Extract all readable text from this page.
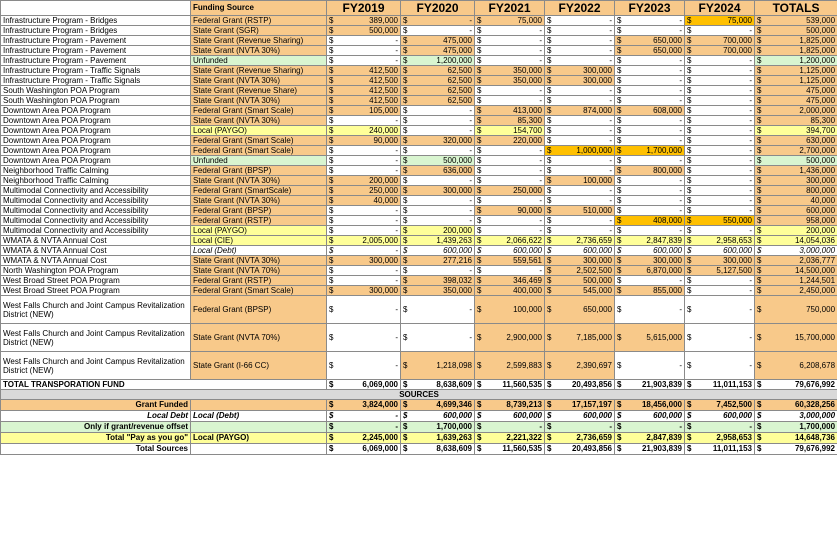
	Funding Source	FY2019		FY2020		FY2021		FY2022		FY2023		FY2024		TOTALS	
Infrastructure Program - Bridges	Federal Grant (RSTP)	$	389,000	$	-	$	75,000	$	-	$	-	$	75,000	$	539,000
Infrastructure Program - Bridges	State Grant (SGR)	$	500,000	$	-	$	-	$	-	$	-	$	-	$	500,000
Infrastructure Program - Pavement	State Grant (Revenue Sharing)	$	-	$	475,000	$	-	$	-	$	650,000	$	700,000	$	1,825,000
Infrastructure Program - Pavement	State Grant (NVTA 30%)	$	-	$	475,000	$	-	$	-	$	650,000	$	700,000	$	1,825,000
Infrastructure Program - Pavement	Unfunded	$	-	$	1,200,000	$	-	$	-	$	-	$	-	$	1,200,000
Infrastructure Program - Traffic Signals	State Grant (Revenue Sharing)	$	412,500	$	62,500	$	350,000	$	300,000	$	-	$	-	$	1,125,000
Infrastructure Program - Traffic Signals	State Grant (NVTA 30%)	$	412,500	$	62,500	$	350,000	$	300,000	$	-	$	-	$	1,125,000
South Washington POA Program	State Grant (Revenue Share)	$	412,500	$	62,500	$	-	$	-	$	-	$	-	$	475,000
South Washington POA Program	State Grant (NVTA 30%)	$	412,500	$	62,500	$	-	$	-	$	-	$	-	$	475,000
Downtown Area POA Program	Federal Grant (Smart Scale)	$	105,000	$	-	$	413,000	$	874,000	$	608,000	$	-	$	2,000,000
Downtown Area POA Program	State Grant (NVTA 30%)	$	-	$	-	$	85,300	$	-	$	-	$	-	$	85,300
Downtown Area POA Program	Local (PAYGO)	$	240,000	$	-	$	154,700	$	-	$	-	$	-	$	394,700
Downtown Area POA Program	Federal Grant (Smart Scale)	$	90,000	$	320,000	$	220,000	$	-	$	-	$	-	$	630,000
Downtown Area POA Program	Federal Grant (Smart Scale)	$	-	$	-	$	-	$	1,000,000	$	1,700,000	$	-	$	2,700,000
Downtown Area POA Program	Unfunded	$	-	$	500,000	$	-	$	-	$	-	$	-	$	500,000
Neighborhood Traffic Calming	Federal Grant (BPSP)	$	-	$	636,000	$	-	$	-	$	800,000	$	-	$	1,436,000
Neighborhood Traffic Calming	State Grant (NVTA 30%)	$	200,000	$	-	$	-	$	100,000	$	-	$	-	$	300,000
Multimodal Connectivity and Accessibility	Federal Grant (SmartScale)	$	250,000	$	300,000	$	250,000	$	-	$	-	$	-	$	800,000
Multimodal Connectivity and Accessibility	State Grant (NVTA 30%)	$	40,000	$	-	$	-	$	-	$	-	$	-	$	40,000
Multimodal Connectivity and Accessibility	Federal Grant (BPSP)	$	-	$	-	$	90,000	$	510,000	$	-	$	-	$	600,000
Multimodal Connectivity and Accessibility	Federal Grant (RSTP)	$	-	$	-	$	-	$	-	$	408,000	$	550,000	$	958,000
Multimodal Connectivity and Accessibility	Local (PAYGO)	$	-	$	200,000	$	-	$	-	$	-	$	-	$	200,000
WMATA & NVTA Annual Cost	Local (CIE)	$	2,005,000	$	1,439,263	$	2,066,622	$	2,736,659	$	2,847,839	$	2,958,653	$	14,054,036
WMATA & NVTA Annual Cost	Local (Debt)	$	-	$	600,000	$	600,000	$	600,000	$	600,000	$	600,000	$	3,000,000
WMATA & NVTA Annual Cost	State Grant (NVTA 30%)	$	300,000	$	277,216	$	559,561	$	300,000	$	300,000	$	300,000	$	2,036,777
North Washington POA Program	State Grant (NVTA 70%)	$	-	$	-	$	-	$	2,502,500	$	6,870,000	$	5,127,500	$	14,500,000
West Broad Street POA Program	Federal Grant (RSTP)	$	-	$	398,032	$	346,469	$	500,000	$	-	$	-	$	1,244,501
West Broad Street POA Program	Federal Grant (Smart Scale)	$	300,000	$	350,000	$	400,000	$	545,000	$	855,000	$	-	$	2,450,000
West Falls Church and Joint Campus Revitalization District (NEW)	Federal Grant (BPSP)	$	-	$	-	$	100,000	$	650,000	$	-	$	-	$	750,000
West Falls Church and Joint Campus Revitalization District (NEW)	State Grant (NVTA 70%)	$	-	$	-	$	2,900,000	$	7,185,000	$	5,615,000	$	-	$	15,700,000
West Falls Church and Joint Campus Revitalization District (NEW)	State Grant (I-66 CC)	$	-	$	1,218,098	$	2,599,883	$	2,390,697	$	-	$	-	$	6,208,678
TOTAL TRANSPORATION FUND		$	6,069,000	$	8,638,609	$	11,560,535	$	20,493,856	$	21,903,839	$	11,011,153	$	79,676,992
SOURCES															
Grant Funded		$	3,824,000	$	4,699,346	$	8,739,213	$	17,157,197	$	18,456,000	$	7,452,500	$	60,328,256
Local Debt	Local (Debt)	$	-	$	600,000	$	600,000	$	600,000	$	600,000	$	600,000	$	3,000,000
Only if grant/revenue offset		$	-	$	1,700,000	$	-	$	-	$	-	$	-	$	1,700,000
Total "Pay as you go"	Local (PAYGO)	$	2,245,000	$	1,639,263	$	2,221,322	$	2,736,659	$	2,847,839	$	2,958,653	$	14,648,736
Total Sources		$	6,069,000	$	8,638,609	$	11,560,535	$	20,493,856	$	21,903,839	$	11,011,153	$	79,676,992
